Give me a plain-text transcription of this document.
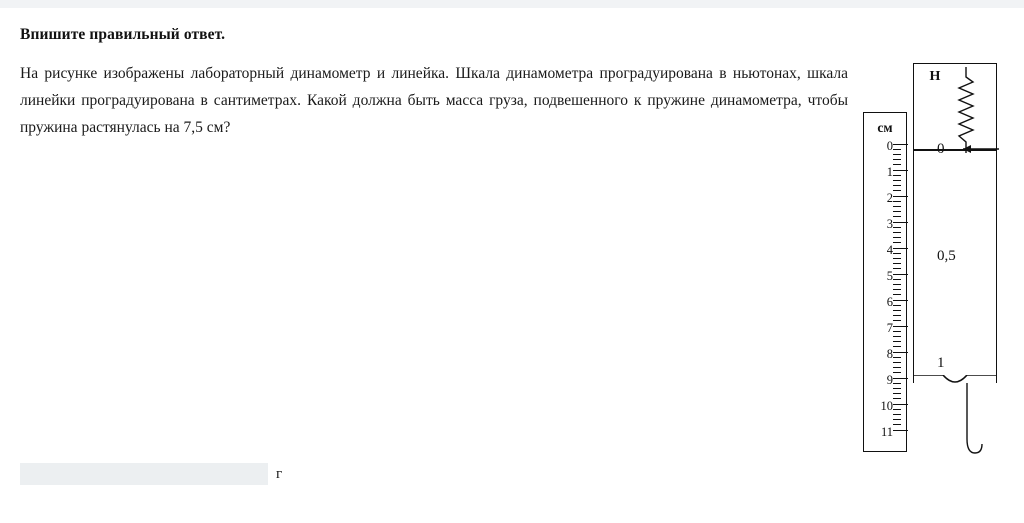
Впишите правильный ответ.
На рисунке изображены лабораторный динамометр и линейка. Шкала динамометра проградуирована в ньютонах, шкала линейки проградуирована в сантиметрах. Какой должна быть масса груза, подвешенного к пружине динамометра, чтобы пружина растянулась на 7,5 см?	см
0
1
2
3
4
5
6
7
8
9
10
11
Н
0
0,5
1
г
